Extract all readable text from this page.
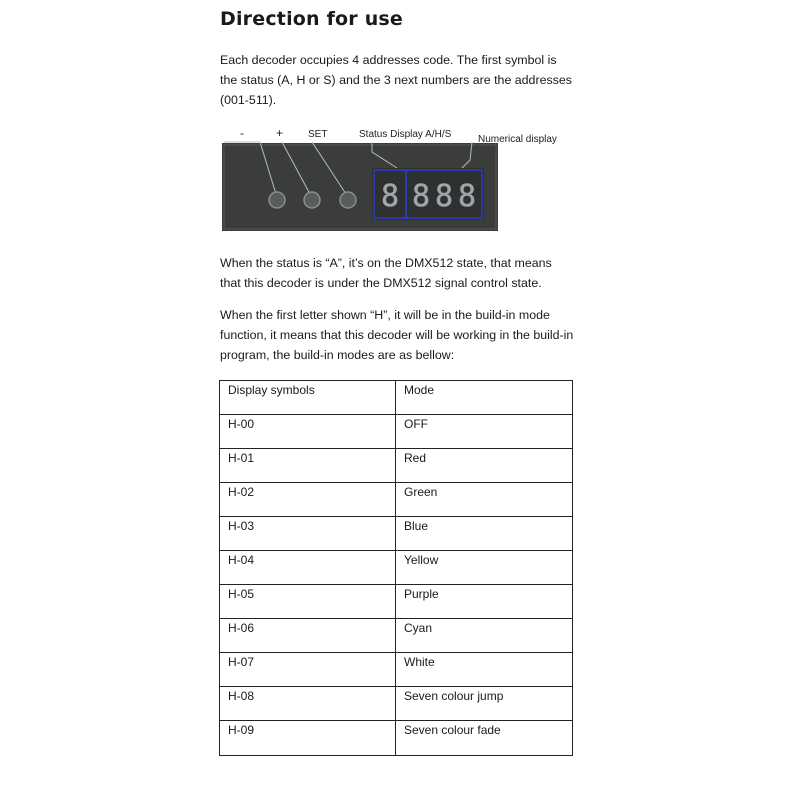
Direction for use

Each decoder occupies 4 addresses code. The first symbol is the status (A, H or S) and the 3 next numbers are the addresses (001-511).

8 8 8 8
-	+ SET	Status Display A/H/S	Numerical display

When the status is “A”, it’s on the DMX512 state, that means that this decoder is under the DMX512 signal control state.

When the first letter shown “H”, it will be in the build-in mode function, it means that this decoder will be working in the build-in program, the build-in modes are as bellow:

Display symbols	Mode
H-00	OFF
H-01	Red
H-02	Green
H-03	Blue
H-04	Yellow
H-05	Purple
H-06	Cyan
H-07	White
H-08	Seven colour jump
H-09	Seven colour fade
